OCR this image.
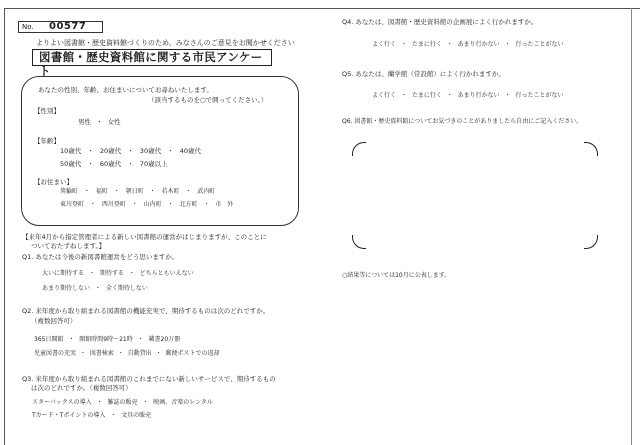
No. 00577
よりよい図書館・歴史資料館づくりのため、みなさんのご意見をお聞かせください
図書館・歴史資料館に関する市民アンケート
あなたの性別、年齢、お住まいについてお尋ねいたします。
（該当するものを○で囲ってください。）
【性別】
男性 ・ 女性
【年齢】
10歳代 ・ 20歳代 ・ 30歳代 ・ 40歳代
50歳代 ・ 60歳代 ・ 70歳以上
【お住まい】
箕輪町 ・ 福町 ・ 朝日町 ・ 若木町 ・ 武内町
東川登町 ・ 西川登町 ・ 山内町 ・ 北方町 ・ 市 外
【来年4月から指定管理者による新しい図書館の運営がはじまりますが、このことに
ついておたずねします。】
Q1. あなたは今後の新図書館運営をどう思いますか。
大いに期待する ・ 期待する ・ どちらともいえない
あまり期待しない ・ 全く期待しない
Q2. 来年度から取り組まれる図書館の機能充実で、期待するものは次のどれですか。
（複数回答可）
365日開館 ・ 開館時間9時～21時 ・ 蔵書20万冊
児童図書の充実 ・ 図書検索 ・ 自動貸出 ・ 郵便ポストでの返却
Q3. 来年度から取り組まれる図書館のこれまでにない新しいサービスで、期待するもの
は次のどれですか。（複数回答可）
スターバックスの導入 ・ 雑誌の販売 ・ 映画、音楽のレンタル
Tカード・Tポイントの導入 ・ 文具の販売
Q4. あなたは、図書館・歴史資料館の企画展によく行かれますか。
よく行く ・ たまに行く ・ あまり行かない ・ 行ったことがない
Q5. あなたは、蘭学館（常設館）によく行かれますか。
よく行く ・ たまに行く ・ あまり行かない ・ 行ったことがない
Q6. 図書館・歴史資料館についてお気づきのことがありましたら自由にご記入ください。
○結果等については10月に公表します。
